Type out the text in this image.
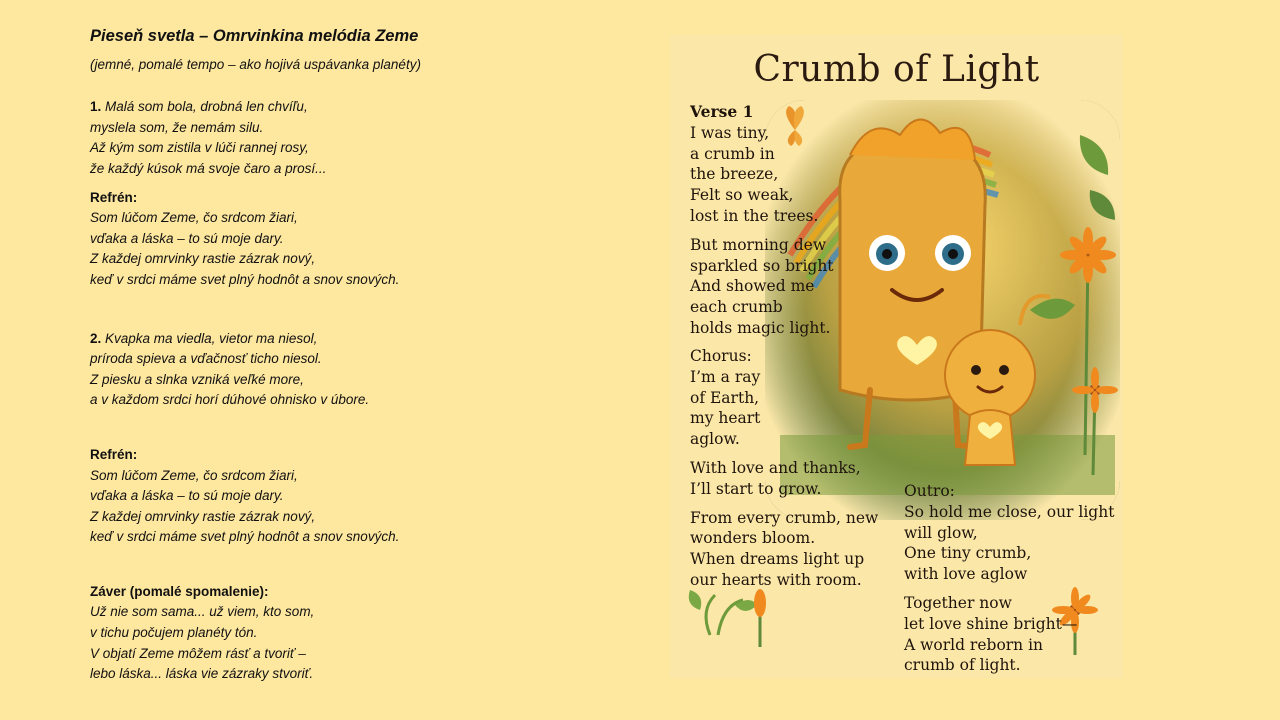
Pieseň svetla – Omrvinkina melódia Zeme
(jemné, pomalé tempo – ako hojivá uspávanka planéty)
1. Malá som bola, drobná len chvíľu,
myslela som, že nemám silu.
Až kým som zistila v lúči rannej rosy,
že každý kúsok má svoje čaro a prosí...
Refrén:
Som lúčom Zeme, čo srdcom žiari,
vďaka a láska – to sú moje dary.
Z každej omrvinky rastie zázrak nový,
keď v srdci máme svet plný hodnôt a snov snových.
2. Kvapka ma viedla, vietor ma niesol,
príroda spieva a vďačnosť ticho niesol.
Z piesku a slnka vzniká veľké more,
a v každom srdci horí dúhové ohnisko v úbore.
Refrén:
Som lúčom Zeme, čo srdcom žiari,
vďaka a láska – to sú moje dary.
Z každej omrvinky rastie zázrak nový,
keď v srdci máme svet plný hodnôt a snov snových.
Záver (pomalé spomalenie):
Už nie som sama... už viem, kto som,
v tichu počujem planéty tón.
V objatí Zeme môžem rásť a tvoriť –
lebo láska... láska vie zázraky stvoriť.
Crumb of Light
Verse 1
I was tiny,
a crumb in
the breeze,
Felt so weak,
lost in the trees.
But morning dew
sparkled so bright
And showed me
each crumb
holds magic light.
Chorus:
I’m a ray
of Earth,
my heart
aglow.
With love and thanks,
I’ll start to grow.
From every crumb, new
wonders bloom.
When dreams light up
our hearts with room.
Outro:
So hold me close, our light
will glow,
One tiny crumb,
with love aglow
Together now
let love shine bright—
A world reborn in
crumb of light.
